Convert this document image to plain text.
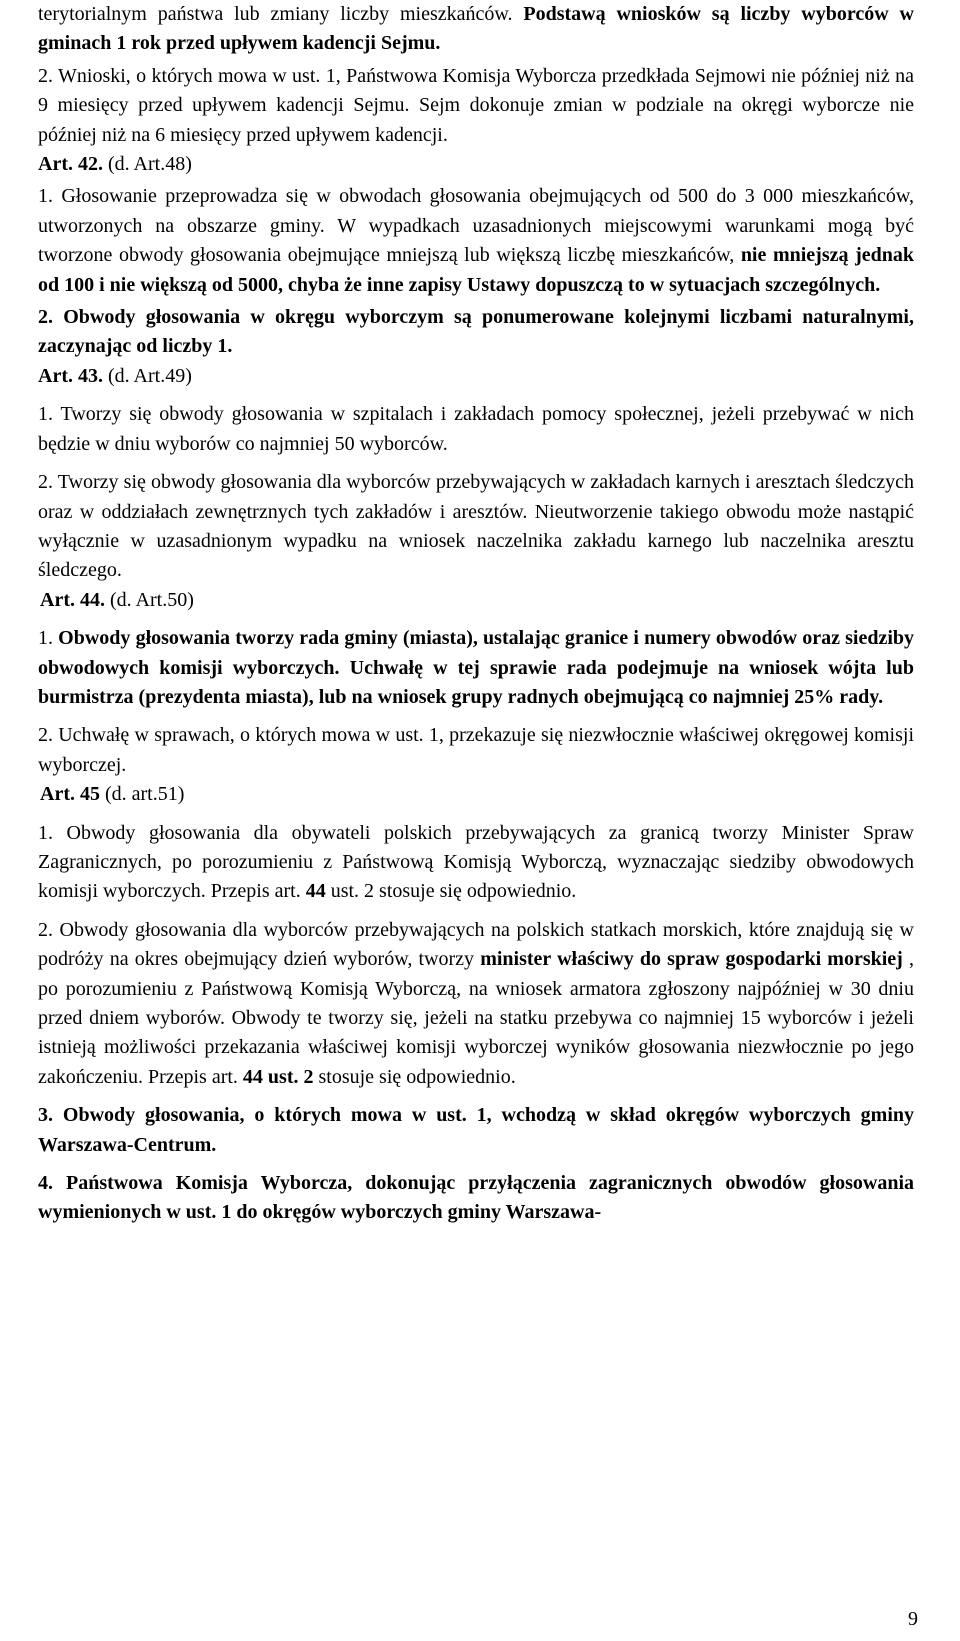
terytorialnym państwa lub zmiany liczby mieszkańców. Podstawą wniosków są liczby wyborców w gminach 1 rok przed upływem kadencji Sejmu.

2. Wnioski, o których mowa w ust. 1, Państwowa Komisja Wyborcza przedkłada Sejmowi nie później niż na 9 miesięcy przed upływem kadencji Sejmu. Sejm dokonuje zmian w podziale na okręgi wyborcze nie później niż na 6 miesięcy przed upływem kadencji.

Art. 42. (d. Art.48)

1. Głosowanie przeprowadza się w obwodach głosowania obejmujących od 500 do 3 000 mieszkańców, utworzonych na obszarze gminy. W wypadkach uzasadnionych miejscowymi warunkami mogą być tworzone obwody głosowania obejmujące mniejszą lub większą liczbę mieszkańców, nie mniejszą jednak od 100 i nie większą od 5000, chyba że inne zapisy Ustawy dopuszczą to w sytuacjach szczególnych.

2. Obwody głosowania w okręgu wyborczym są ponumerowane kolejnymi liczbami naturalnymi, zaczynając od liczby 1.

Art. 43. (d. Art.49)

1. Tworzy się obwody głosowania w szpitalach i zakładach pomocy społecznej, jeżeli przebywać w nich będzie w dniu wyborów co najmniej 50 wyborców.

2. Tworzy się obwody głosowania dla wyborców przebywających w zakładach karnych i aresztach śledczych oraz w oddziałach zewnętrznych tych zakładów i aresztów. Nieutworzenie takiego obwodu może nastąpić wyłącznie w uzasadnionym wypadku na wniosek naczelnika zakładu karnego lub naczelnika aresztu śledczego.

Art. 44. (d. Art.50)

1. Obwody głosowania tworzy rada gminy (miasta), ustalając granice i numery obwodów oraz siedziby obwodowych komisji wyborczych. Uchwałę w tej sprawie rada podejmuje na wniosek wójta lub burmistrza (prezydenta miasta), lub na wniosek grupy radnych obejmującą co najmniej 25% rady.

2. Uchwałę w sprawach, o których mowa w ust. 1, przekazuje się niezwłocznie właściwej okręgowej komisji wyborczej.

Art. 45 (d. art.51)

1. Obwody głosowania dla obywateli polskich przebywających za granicą tworzy Minister Spraw Zagranicznych, po porozumieniu z Państwową Komisją Wyborczą, wyznaczając siedziby obwodowych komisji wyborczych. Przepis art. 44 ust. 2 stosuje się odpowiednio.

2. Obwody głosowania dla wyborców przebywających na polskich statkach morskich, które znajdują się w podróży na okres obejmujący dzień wyborów, tworzy minister właściwy do spraw gospodarki morskiej , po porozumieniu z Państwową Komisją Wyborczą, na wniosek armatora zgłoszony najpóźniej w 30 dniu przed dniem wyborów. Obwody te tworzy się, jeżeli na statku przebywa co najmniej 15 wyborców i jeżeli istnieją możliwości przekazania właściwej komisji wyborczej wyników głosowania niezwłocznie po jego zakończeniu. Przepis art. 44 ust. 2 stosuje się odpowiednio.

3. Obwody głosowania, o których mowa w ust. 1, wchodzą w skład okręgów wyborczych gminy Warszawa-Centrum.

4. Państwowa Komisja Wyborcza, dokonując przyłączenia zagranicznych obwodów głosowania wymienionych w ust. 1 do okręgów wyborczych gminy Warszawa-

9
